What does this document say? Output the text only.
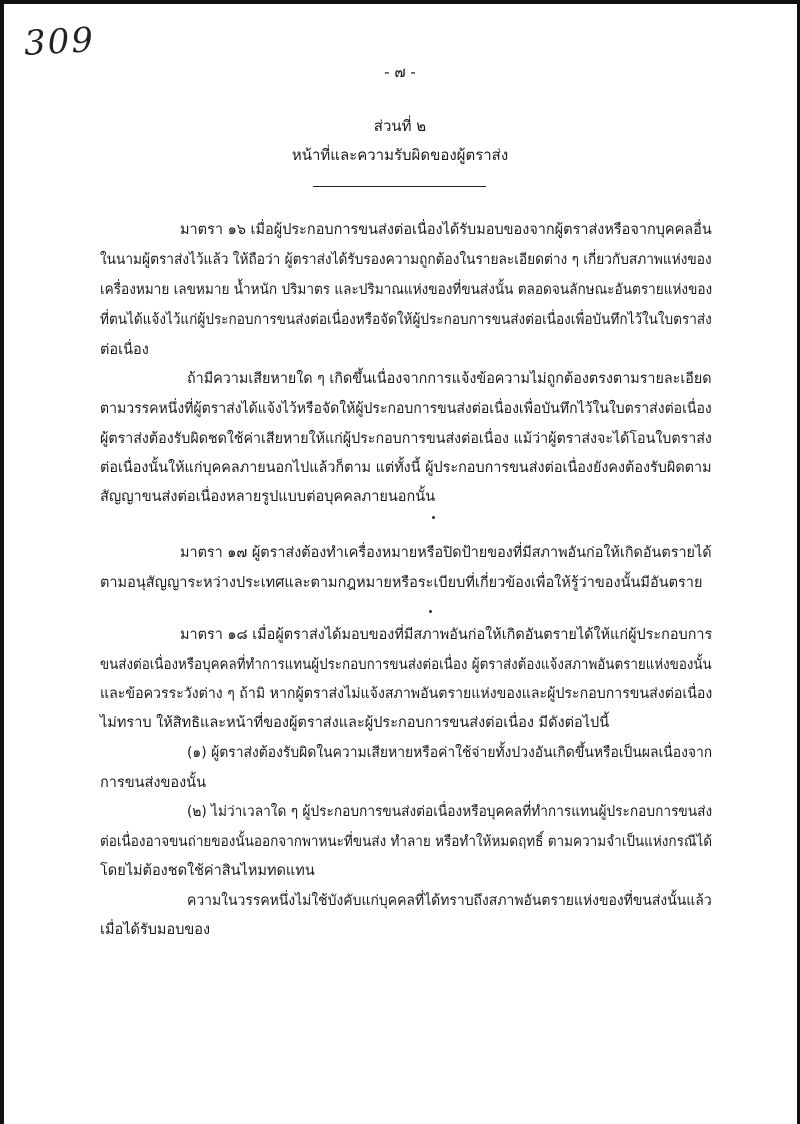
309
- ๗ -
ส่วนที่ ๒
หน้าที่และความรับผิดของผู้ตราส่ง
มาตรา ๑๖ เมื่อผู้ประกอบการขนส่งต่อเนื่องได้รับมอบของจากผู้ตราส่งหรือจากบุคคลอื่น
ในนามผู้ตราส่งไว้แล้ว ให้ถือว่า ผู้ตราส่งได้รับรองความถูกต้องในรายละเอียดต่าง ๆ เกี่ยวกับสภาพแห่งของ
เครื่องหมาย เลขหมาย น้ำหนัก ปริมาตร และปริมาณแห่งของที่ขนส่งนั้น ตลอดจนลักษณะอันตรายแห่งของ
ที่ตนได้แจ้งไว้แก่ผู้ประกอบการขนส่งต่อเนื่องหรือจัดให้ผู้ประกอบการขนส่งต่อเนื่องเพื่อบันทึกไว้ในใบตราส่ง
ต่อเนื่อง
ถ้ามีความเสียหายใด ๆ เกิดขึ้นเนื่องจากการแจ้งข้อความไม่ถูกต้องตรงตามรายละเอียด
ตามวรรคหนึ่งที่ผู้ตราส่งได้แจ้งไว้หรือจัดให้ผู้ประกอบการขนส่งต่อเนื่องเพื่อบันทึกไว้ในใบตราส่งต่อเนื่อง
ผู้ตราส่งต้องรับผิดชดใช้ค่าเสียหายให้แก่ผู้ประกอบการขนส่งต่อเนื่อง แม้ว่าผู้ตราส่งจะได้โอนใบตราส่ง
ต่อเนื่องนั้นให้แก่บุคคลภายนอกไปแล้วก็ตาม แต่ทั้งนี้ ผู้ประกอบการขนส่งต่อเนื่องยังคงต้องรับผิดตาม
สัญญาขนส่งต่อเนื่องหลายรูปแบบต่อบุคคลภายนอกนั้น
มาตรา ๑๗ ผู้ตราส่งต้องทำเครื่องหมายหรือปิดป้ายของที่มีสภาพอันก่อให้เกิดอันตรายได้
ตามอนุสัญญาระหว่างประเทศและตามกฎหมายหรือระเบียบที่เกี่ยวข้องเพื่อให้รู้ว่าของนั้นมีอันตราย
มาตรา ๑๘ เมื่อผู้ตราส่งได้มอบของที่มีสภาพอันก่อให้เกิดอันตรายได้ให้แก่ผู้ประกอบการ
ขนส่งต่อเนื่องหรือบุคคลที่ทำการแทนผู้ประกอบการขนส่งต่อเนื่อง ผู้ตราส่งต้องแจ้งสภาพอันตรายแห่งของนั้น
และข้อควรระวังต่าง ๆ ถ้ามิ หากผู้ตราส่งไม่แจ้งสภาพอันตรายแห่งของและผู้ประกอบการขนส่งต่อเนื่อง
ไม่ทราบ ให้สิทธิและหน้าที่ของผู้ตราส่งและผู้ประกอบการขนส่งต่อเนื่อง มีดังต่อไปนี้
(๑) ผู้ตราส่งต้องรับผิดในความเสียหายหรือค่าใช้จ่ายทั้งปวงอันเกิดขึ้นหรือเป็นผลเนื่องจาก
การขนส่งของนั้น
(๒) ไม่ว่าเวลาใด ๆ ผู้ประกอบการขนส่งต่อเนื่องหรือบุคคลที่ทำการแทนผู้ประกอบการขนส่ง
ต่อเนื่องอาจขนถ่ายของนั้นออกจากพาหนะที่ขนส่ง ทำลาย หรือทำให้หมดฤทธิ์ ตามความจำเป็นแห่งกรณีได้
โดยไม่ต้องชดใช้ค่าสินไหมทดแทน
ความในวรรคหนึ่งไม่ใช้บังคับแก่บุคคลที่ได้ทราบถึงสภาพอันตรายแห่งของที่ขนส่งนั้นแล้ว
เมื่อได้รับมอบของ
